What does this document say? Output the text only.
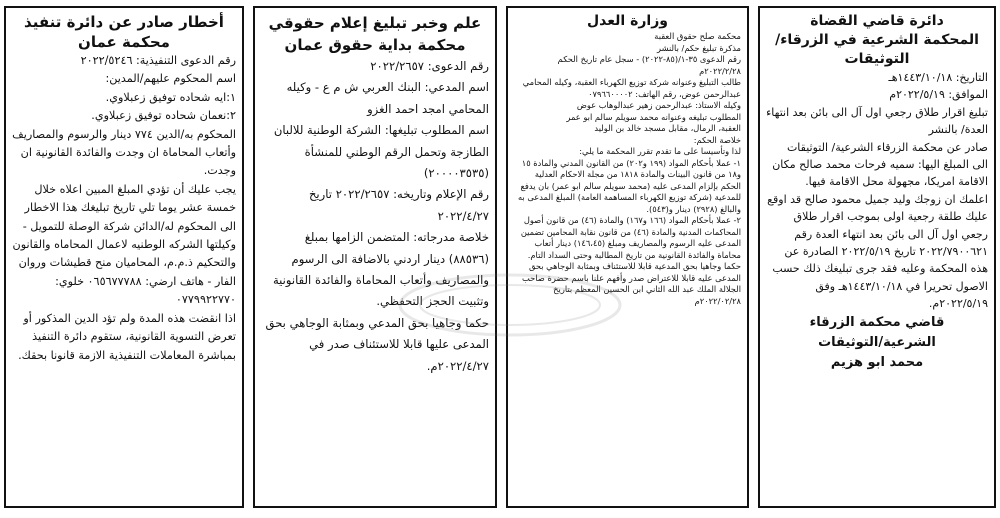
أخطار صادر عن دائرة تنفيذ
محكمة عمان
رقم الدعوى التنفيذية: ٢٠٢٢/٥٢٤٦
اسم المحكوم عليهم/المدين:
١:ايه شحاده توفيق زعبلاوي.
٢:نعمان شحاده توفيق زعبلاوي.
المحكوم به/الدين ٧٧٤ دينار والرسوم والمصاريف وأتعاب المحاماة ان وجدت والفائدة القانونية ان وجدت.
يجب عليك أن تؤدي المبلغ المبين اعلاه خلال خمسة عشر يوما تلي تاريخ تبليغك هذا الاخطار الى المحكوم له/الدائن شركة الوصلة للتمويل - وكيلتها الشركه الوطنيه لاعمال المحاماه والقانون والتحكيم ذ.م.م، المحاميان منح قطيشات وروان الفار - هاتف ارضي: ٠٦٥٦٧٧٧٨٨ خلوي: ٠٧٧٩٩٢٢٧٧٠
اذا انقضت هذه المدة ولم تؤد الدين المذكور أو تعرض التسوية القانونية، ستقوم دائرة التنفيذ بمباشرة المعاملات التنفيذية الازمة قانونا بحقك.
علم وخبر تبليغ إعلام حقوقي
محكمة بداية حقوق عمان
رقم الدعوى: ٢٠٢٢/٢٦٥٧
اسم المدعي: البنك العربي ش م ع - وكيله المحامي امجد احمد الغزو
اسم المطلوب تبليغها: الشركة الوطنية للالبان الطازجة وتحمل الرقم الوطني للمنشأة (٢٠٠٠٠٣٥٣٥)
رقم الإعلام وتاريخه: ٢٠٢٢/٢٦٥٧ تاريخ ٢٠٢٢/٤/٢٧
خلاصة مدرجاته: المتضمن الزامها بمبلغ (٨٨٥٣٦) دينار اردني بالاضافة الى الرسوم والمصاريف وأتعاب المحاماة والفائدة القانونية وتثبيت الحجز التحفظي.
حكما وجاهيا بحق المدعي وبمثابة الوجاهي بحق المدعى عليها قابلا للاستئناف صدر في ٢٠٢٢/٤/٢٧م.
وزارة العدل
محكمة صلح حقوق العقبة
مذكرة تبليغ حكم/ بالنشر
رقم الدعوى ٣٥-١/(٨٥-٢٠٢٢) - سجل عام تاريخ الحكم ٢٠٢٢/٢/٢٨م
طالب التبليغ وعنوانه شركة توزيع الكهرباء العقبة، وكيله المحامي عبدالرحمن عوض، رقم الهاتف: ٠٧٩٦٦٠٠٠٠٢
وكيله الاستاذ: عبدالرحمن زهير عبدالوهاب عوض
المطلوب تبليغه وعنوانه محمد سويلم سالم ابو عمر
العقبة، الرمال، مقابل مسجد خالد بن الوليد
خلاصة الحكم:
لذا وتأسيسا على ما تقدم تقرر المحكمة ما يلي:
١- عملا بأحكام المواد (١٩٩ و٢٠٢) من القانون المدني والمادة ١٥ و١٨ من قانون البينات والمادة ١٨١٨ من مجلة الاحكام العدلية الحكم بإلزام المدعى عليه (محمد سويلم سالم ابو عمر) بان يدفع للمدعية (شركة توزيع الكهرباء المساهمة العامة) المبلغ المدعى به والبالغ (٢٩٢٨) دينار و(٥٤٣).
٢- عملا بأحكام المواد (١٦٦ و١٦٧) والمادة (٤٦) من قانون أصول المحاكمات المدنية والمادة (٤٦) من قانون نقابة المحامين تضمين المدعى عليه الرسوم والمصاريف ومبلغ (١٤٦،٤٥) دينار أتعاب محاماة والفائدة القانونية من تاريخ المطالبة وحتى السداد التام.
حكما وجاهيا بحق المدعية قابلا للاستئناف وبمثابة الوجاهي بحق المدعى عليه قابلا للاعتراض صدر وأفهم علنا باسم حضرة صاحب الجلالة الملك عبد الله الثاني ابن الحسين المعظم بتاريخ ٢٠٢٢/٠٢/٢٨م
دائرة قاضي القضاة
المحكمة الشرعية في الزرقاء/
التوثيقات
التاريخ: ١٤٤٣/١٠/١٨هـ
الموافق: ٢٠٢٢/٥/١٩م
تبليغ اقرار طلاق رجعي اول آل الى بائن بعد انتهاء العدة/ بالنشر
صادر عن محكمة الزرقاء الشرعية/ التوثيقات
الى المبلغ اليها: سميه فرحات محمد صالح مكان الاقامة امريكا، مجهولة محل الاقامة فيها.
اعلمك ان زوجك وليد جميل محمود صالح قد اوقع عليك طلقة رجعية اولى بموجب اقرار طلاق رجعي اول آل الى بائن بعد انتهاء العدة رقم ٢٠٢٢/٧٩٠٠٦٢١ تاريخ ٢٠٢٢/٥/١٩ الصادرة عن هذه المحكمة وعليه فقد جرى تبليغك ذلك حسب الاصول تحريرا في ١٤٤٣/١٠/١٨هـ وفق ٢٠٢٢/٥/١٩م.
قاضي محكمة الزرقاء
الشرعية/التوثيقات
محمد ابو هزيم
